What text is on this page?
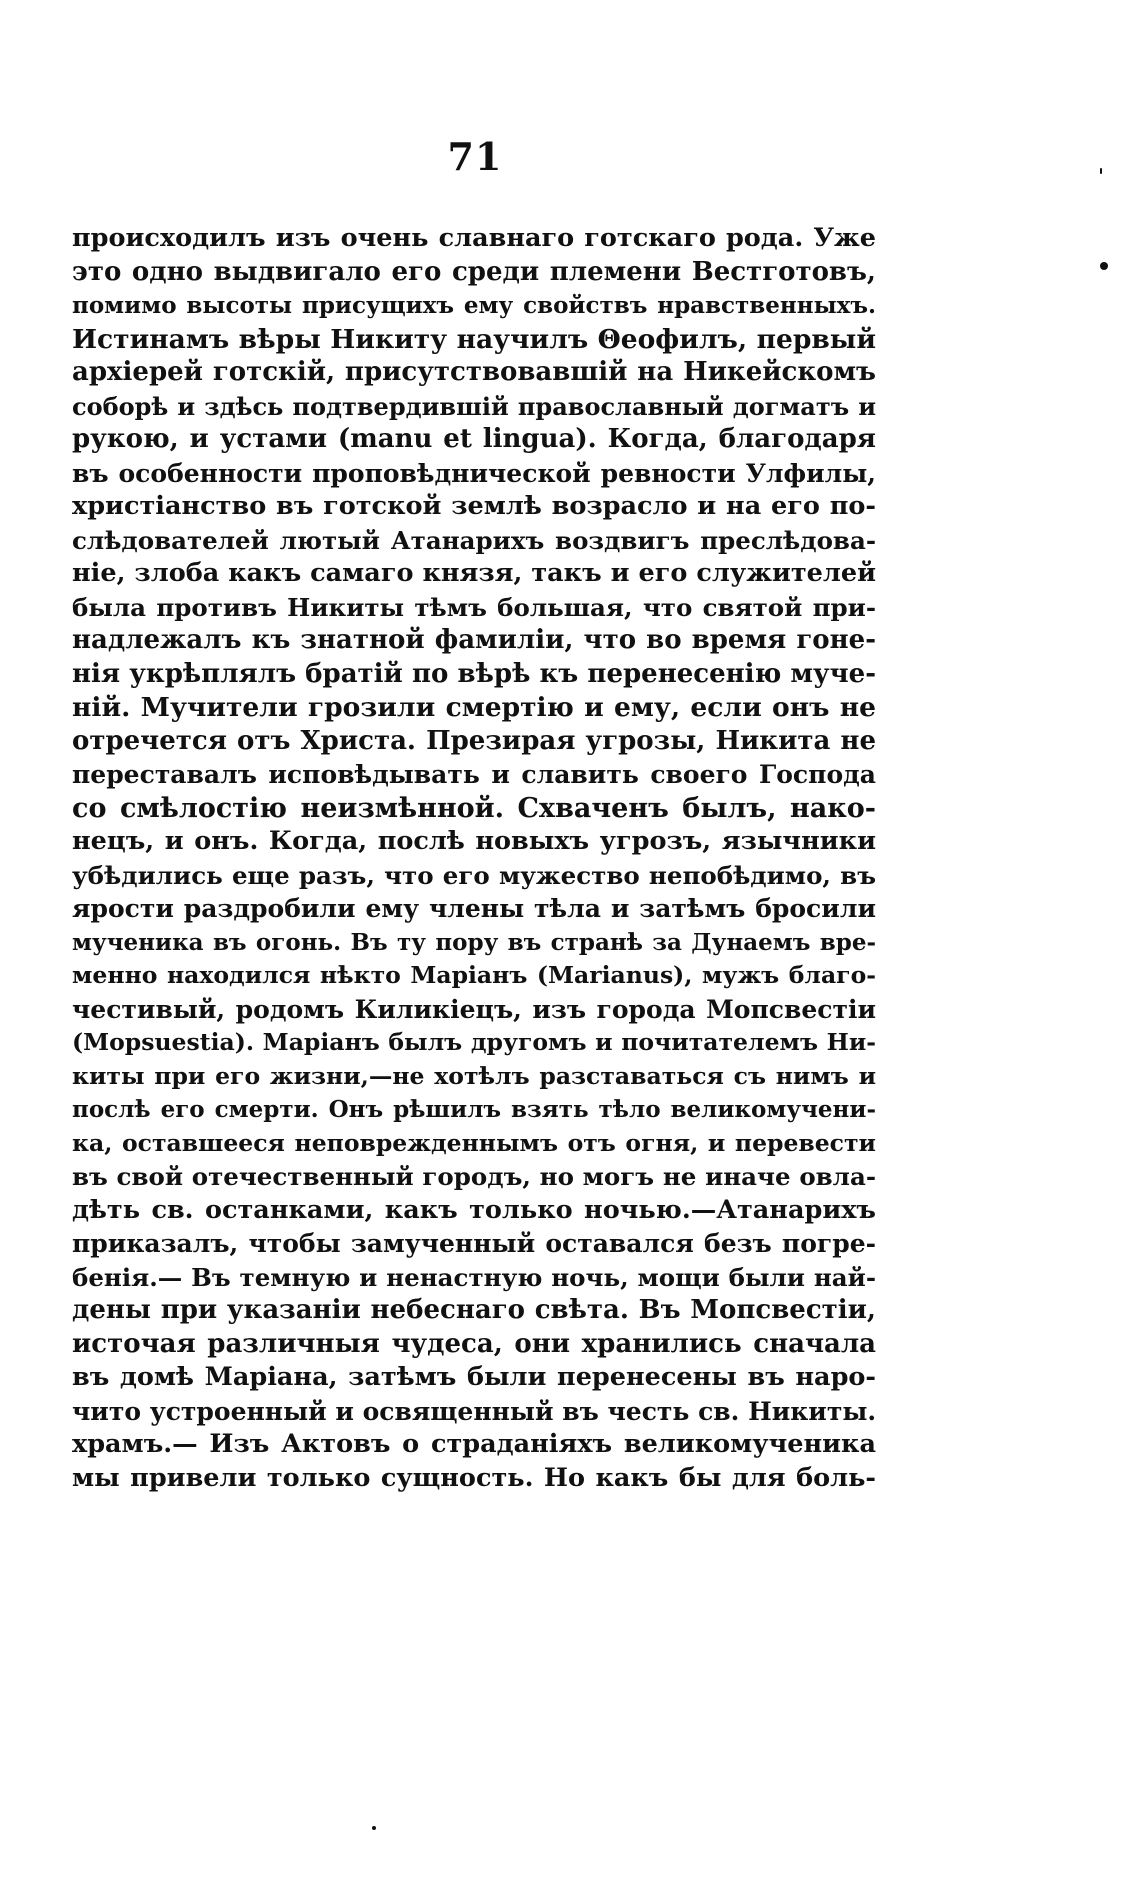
71
происходилъ изъ очень славнаго готскаго рода. Уже
это одно выдвигало его среди племени Вестготовъ,
помимо высоты присущихъ ему свойствъ нравственныхъ.
Истинамъ вѣры Никиту научилъ Θеофилъ, первый
архіерей готскій, присутствовавшій на Никейскомъ
соборѣ и здѣсь подтвердившій православный догматъ и
рукою, и устами (manu et lingua). Когда, благодаря
въ особенности проповѣднической ревности Улфилы,
христіанство въ готской землѣ возрасло и на его по-
слѣдователей лютый Атанарихъ воздвигъ преслѣдова-
ніе, злоба какъ самаго князя, такъ и его служителей
была противъ Никиты тѣмъ большая, что святой при-
надлежалъ къ знатной фамиліи, что во время гоне-
нія укрѣплялъ братій по вѣрѣ къ перенесенію муче-
ній. Мучители грозили смертію и ему, если онъ не
отречется отъ Христа. Презирая угрозы, Никита не
переставалъ исповѣдывать и славить своего Господа
со смѣлостію неизмѣнной. Схваченъ былъ, нако-
нецъ, и онъ. Когда, послѣ новыхъ угрозъ, язычники
убѣдились еще разъ, что его мужество непобѣдимо, въ
ярости раздробили ему члены тѣла и затѣмъ бросили
мученика въ огонь. Въ ту пору въ странѣ за Дунаемъ вре-
менно находился нѣкто Маріанъ (Marianus), мужъ благо-
честивый, родомъ Киликіецъ, изъ города Мопсвестіи
(Mopsuestia). Маріанъ былъ другомъ и почитателемъ Ни-
киты при его жизни,—не хотѣлъ разставаться съ нимъ и
послѣ его смерти. Онъ рѣшилъ взять тѣло великомучени-
ка, оставшееся неповрежденнымъ отъ огня, и перевести
въ свой отечественный городъ, но могъ не иначе овла-
дѣть св. останками, какъ только ночью.—Атанарихъ
приказалъ, чтобы замученный оставался безъ погре-
бенія.— Въ темную и ненастную ночь, мощи были най-
дены при указаніи небеснаго свѣта. Въ Мопсвестіи,
источая различныя чудеса, они хранились сначала
въ домѣ Маріана, затѣмъ были перенесены въ наро-
чито устроенный и освященный въ честь св. Никиты.
храмъ.— Изъ Актовъ о страданіяхъ великомученика
мы привели только сущность. Но какъ бы для боль-
